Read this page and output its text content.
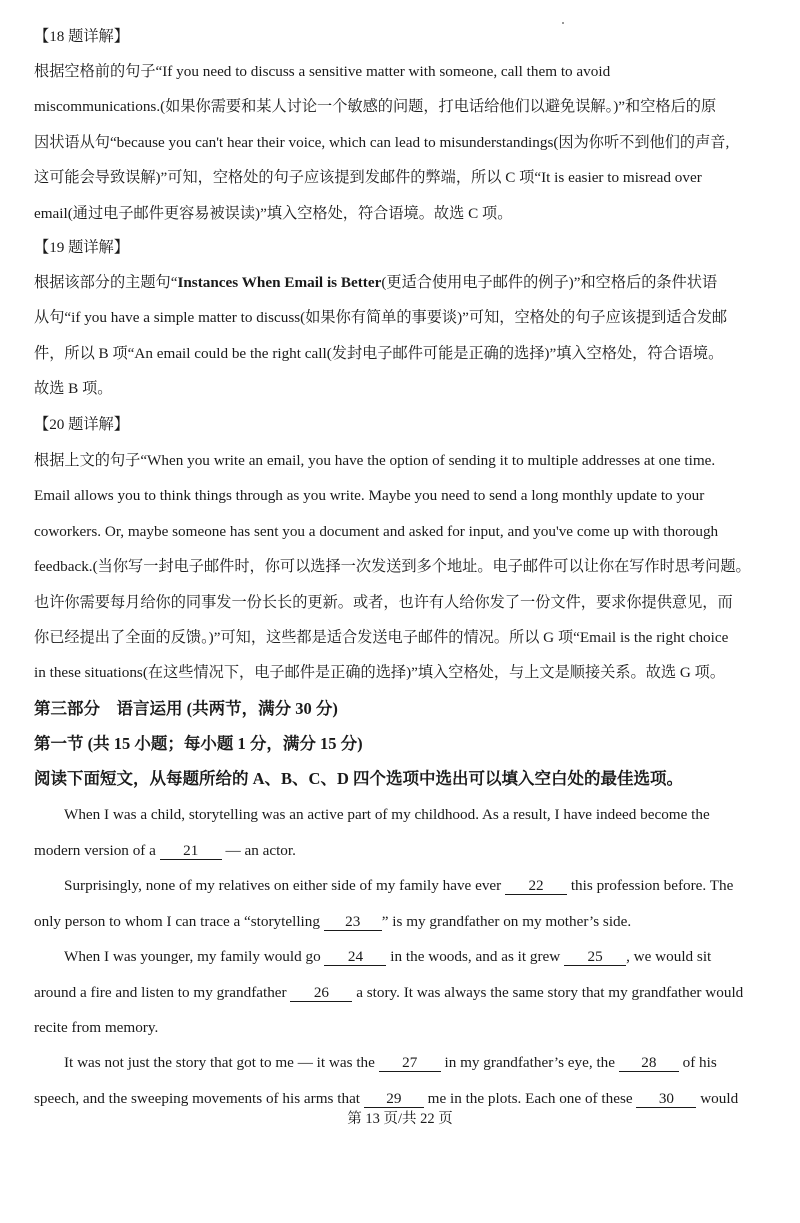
【18 题详解】
根据空格前的句子“If you need to discuss a sensitive matter with someone, call them to avoid
miscommunications.(如果你需要和某人讨论一个敏感的问题，打电话给他们以避免误解。)”和空格后的原
因状语从句“because you can't hear their voice, which can lead to misunderstandings(因为你听不到他们的声音,
这可能会导致误解)”可知，空格处的句子应该提到发邮件的弊端，所以 C 项“It is easier to misread over
email(通过电子邮件更容易被误读)”填入空格处，符合语境。故选 C 项。
【19 题详解】
根据该部分的主题句“Instances When Email is Better(更适合使用电子邮件的例子)”和空格后的条件状语
从句“if you have a simple matter to discuss(如果你有简单的事要谈)”可知，空格处的句子应该提到适合发邮
件，所以 B 项“An email could be the right call(发封电子邮件可能是正确的选择)”填入空格处，符合语境。
故选 B 项。
【20 题详解】
根据上文的句子“When you write an email, you have the option of sending it to multiple addresses at one time.
Email allows you to think things through as you write. Maybe you need to send a long monthly update to your
coworkers. Or, maybe someone has sent you a document and asked for input, and you've come up with thorough
feedback.(当你写一封电子邮件时，你可以选择一次发送到多个地址。电子邮件可以让你在写作时思考问题。
也许你需要每月给你的同事发一份长长的更新。或者，也许有人给你发了一份文件，要求你提供意见，而
你已经提出了全面的反馈。)”可知，这些都是适合发送电子邮件的情况。所以 G 项“Email is the right choice
in these situations(在这些情况下，电子邮件是正确的选择)”填入空格处，与上文是顺接关系。故选 G 项。
第三部分　语言运用 (共两节，满分 30 分)
第一节 (共 15 小题；每小题 1 分，满分 15 分)
阅读下面短文，从每题所给的 A、B、C、D 四个选项中选出可以填入空白处的最佳选项。
When I was a child, storytelling was an active part of my childhood. As a result, I have indeed become the
modern version of a 21 — an actor.
Surprisingly, none of my relatives on either side of my family have ever 22 this profession before. The
only person to whom I can trace a “storytelling 23 ” is my grandfather on my mother’s side.
When I was younger, my family would go 24 in the woods, and as it grew 25 , we would sit
around a fire and listen to my grandfather 26 a story. It was always the same story that my grandfather would
recite from memory.
It was not just the story that got to me — it was the 27 in my grandfather’s eye, the 28 of his
speech, and the sweeping movements of his arms that 29 me in the plots. Each one of these 30 would
第 13 页/共 22 页
